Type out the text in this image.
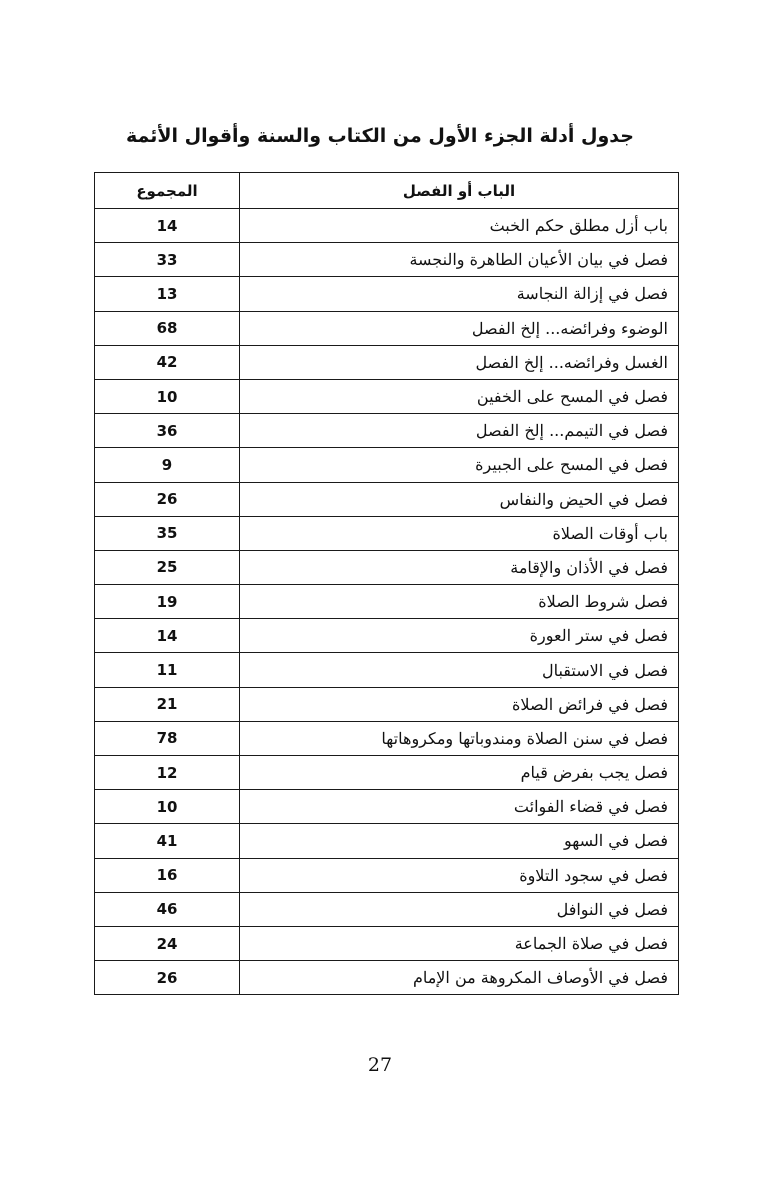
جدول أدلة الجزء الأول من الكتاب والسنة وأقوال الأئمة
الباب أو الفصل	المجموع
باب أزل مطلق حكم الخبث	14
فصل في بيان الأعيان الطاهرة والنجسة	33
فصل في إزالة النجاسة	13
الوضوء وفرائضه... إلخ الفصل	68
الغسل وفرائضه... إلخ الفصل	42
فصل في المسح على الخفين	10
فصل في التيمم... إلخ الفصل	36
فصل في المسح على الجبيرة	9
فصل في الحيض والنفاس	26
باب أوقات الصلاة	35
فصل في الأذان والإقامة	25
فصل شروط الصلاة	19
فصل في ستر العورة	14
فصل في الاستقبال	11
فصل في فرائض الصلاة	21
فصل في سنن الصلاة ومندوباتها ومكروهاتها	78
فصل يجب بفرض قيام	12
فصل في قضاء الفوائت	10
فصل في السهو	41
فصل في سجود التلاوة	16
فصل في النوافل	46
فصل في صلاة الجماعة	24
فصل في الأوصاف المكروهة من الإمام	26
27
